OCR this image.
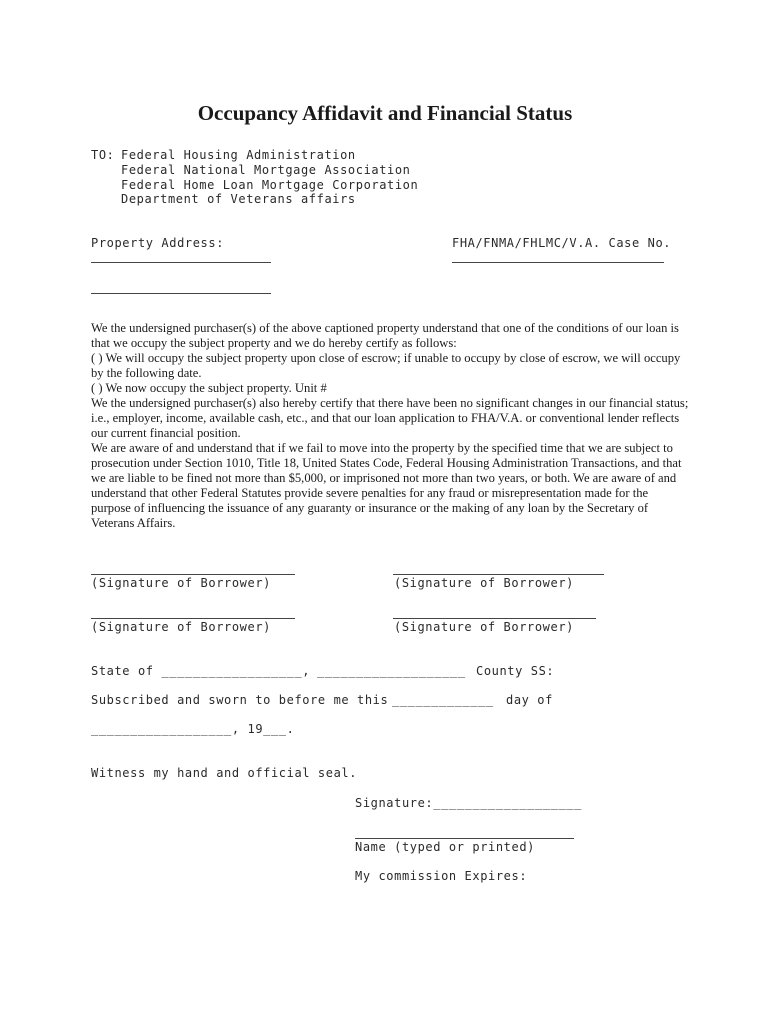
Occupancy Affidavit and Financial Status
TO: Federal Housing Administration
Federal National Mortgage Association
Federal Home Loan Mortgage Corporation
Department of Veterans affairs
Property Address:	FHA/FNMA/FHLMC/V.A. Case No.

We the undersigned purchaser(s) of the above captioned property understand that one of the conditions of our loan is that we occupy the subject property and we do hereby certify as follows:

( ) We will occupy the subject property upon close of escrow; if unable to occupy by close of escrow, we will occupy by the following date.

( ) We now occupy the subject property. Unit #

We the undersigned purchaser(s) also hereby certify that there have been no significant changes in our financial status; i.e., employer, income, available cash, etc., and that our loan application to FHA/V.A. or conventional lender reflects our current financial position.

We are aware of and understand that if we fail to move into the property by the specified time that we are subject to prosecution under Section 1010, Title 18, United States Code, Federal Housing Administration Transactions, and that we are liable to be fined not more than $5,000, or imprisoned not more than two years, or both. We are aware of and understand that other Federal Statutes provide severe penalties for any fraud or misrepresentation made for the purpose of influencing the issuance of any guaranty or insurance or the making of any loan by the Secretary of Veterans Affairs.

(Signature of Borrower)	(Signature of Borrower)
(Signature of Borrower)	(Signature of Borrower)
State of __________________, ___________________ County SS:
Subscribed and sworn to before me this _____________ day of
__________________, 19___.
Witness my hand and official seal.
Signature:___________________
Name (typed or printed)
My commission Expires:
